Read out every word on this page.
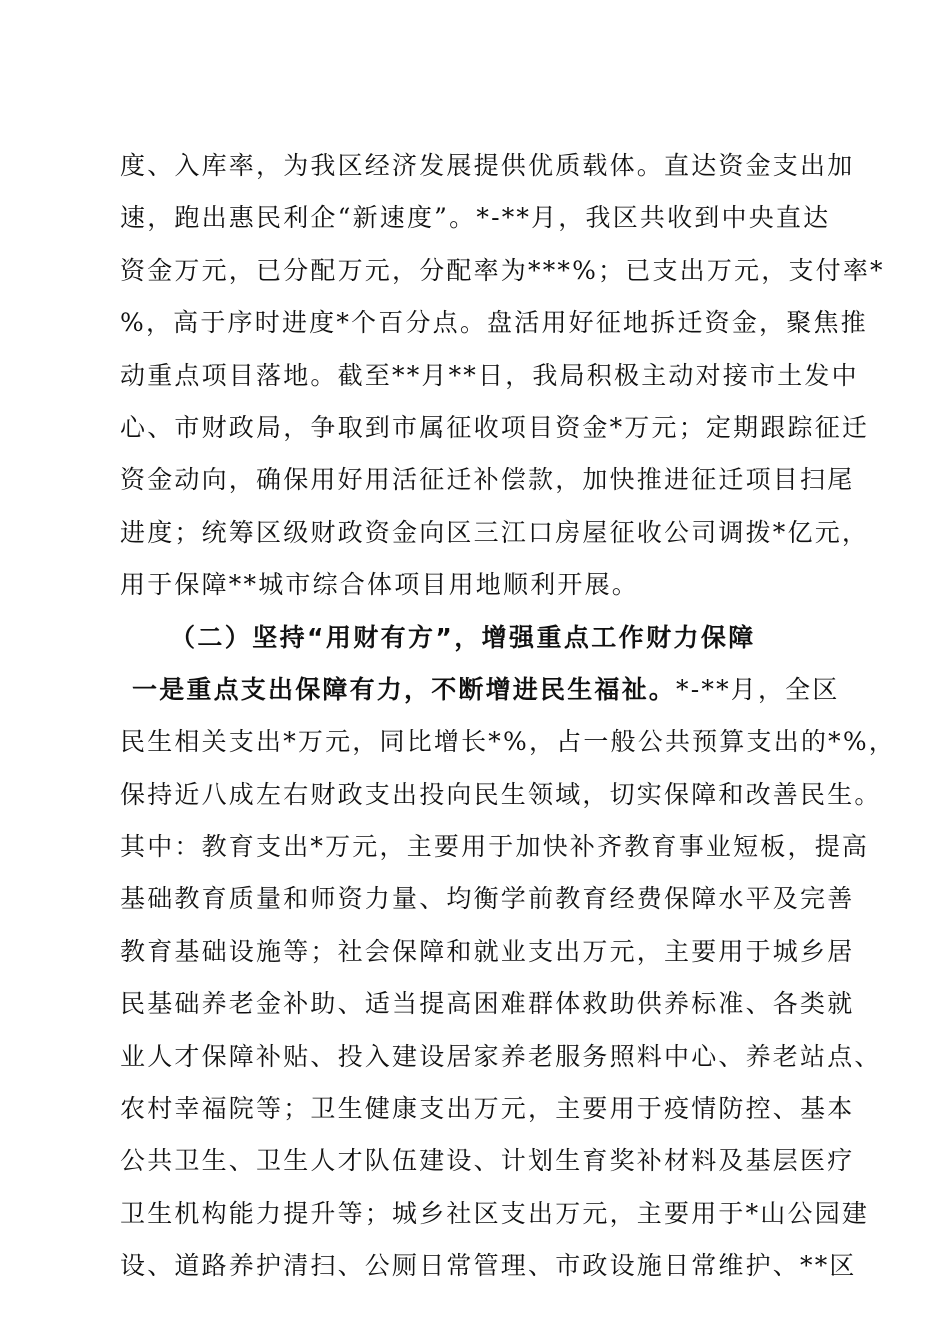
度、入库率，为我区经济发展提供优质载体。直达资金支出加
速，跑出惠民利企“新速度”。*-**月，我区共收到中央直达
资金万元，已分配万元，分配率为***%；已支出万元，支付率*
%，高于序时进度*个百分点。盘活用好征地拆迁资金，聚焦推
动重点项目落地。截至**月**日，我局积极主动对接市土发中
心、市财政局，争取到市属征收项目资金*万元；定期跟踪征迁
资金动向，确保用好用活征迁补偿款，加快推进征迁项目扫尾
进度；统筹区级财政资金向区三江口房屋征收公司调拨*亿元，
用于保障**城市综合体项目用地顺利开展。
（二）坚持“用财有方”，增强重点工作财力保障
一是重点支出保障有力，不断增进民生福祉。*-**月，全区
民生相关支出*万元，同比增长*%，占一般公共预算支出的*%，
保持近八成左右财政支出投向民生领域，切实保障和改善民生。
其中：教育支出*万元，主要用于加快补齐教育事业短板，提高
基础教育质量和师资力量、均衡学前教育经费保障水平及完善
教育基础设施等；社会保障和就业支出万元，主要用于城乡居
民基础养老金补助、适当提高困难群体救助供养标准、各类就
业人才保障补贴、投入建设居家养老服务照料中心、养老站点、
农村幸福院等；卫生健康支出万元，主要用于疫情防控、基本
公共卫生、卫生人才队伍建设、计划生育奖补材料及基层医疗
卫生机构能力提升等；城乡社区支出万元，主要用于*山公园建
设、道路养护清扫、公厕日常管理、市政设施日常维护、**区
